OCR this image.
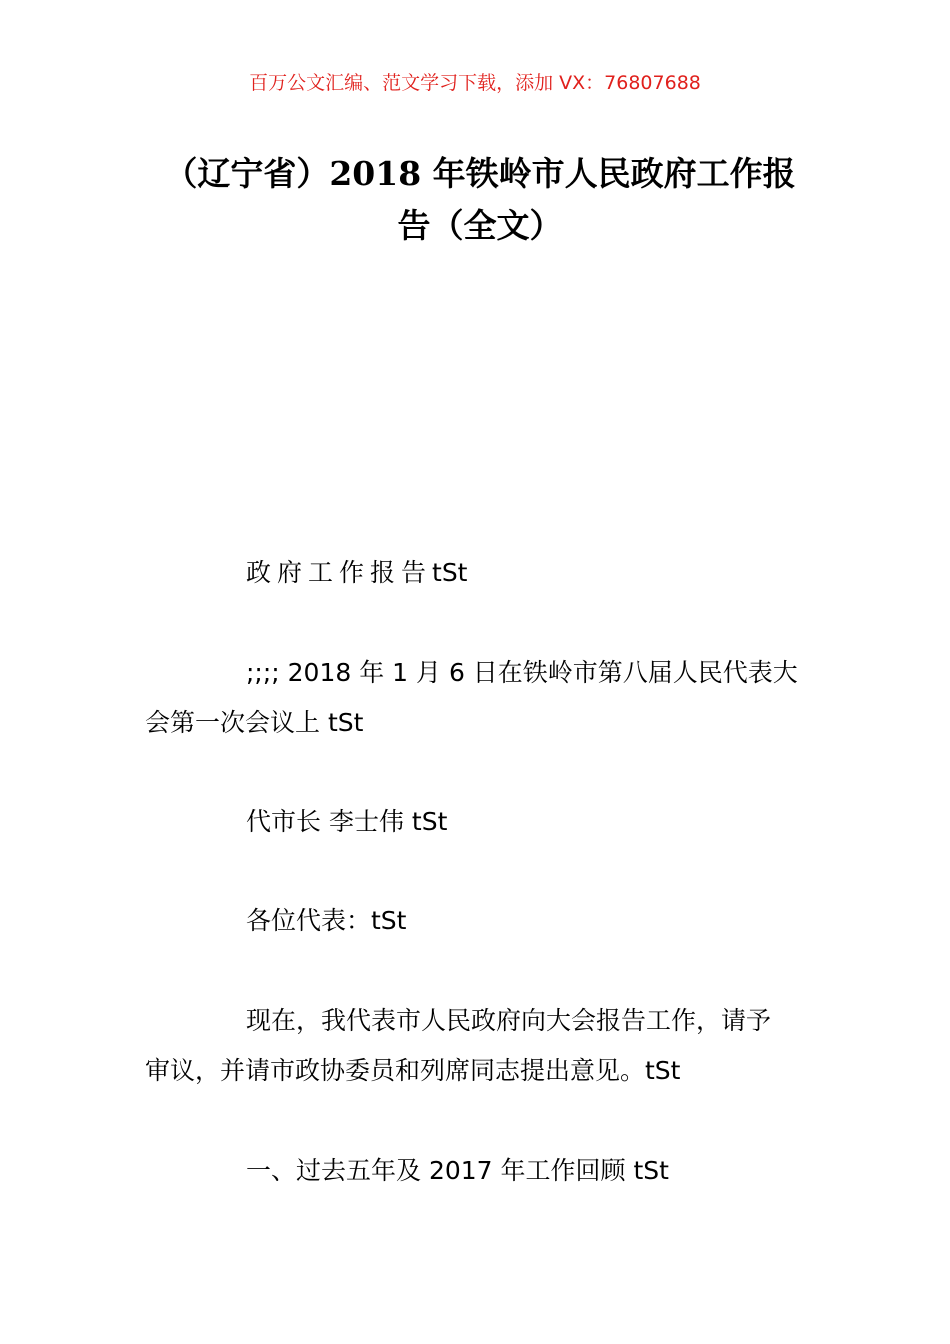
百万公文汇编、范文学习下载，添加 VX：76807688
（辽宁省）2018 年铁岭市人民政府工作报
告（全文）
政府工作报告tSt
;;;; 2018 年 1 月 6 日在铁岭市第八届人民代表大
会第一次会议上 tSt
代市长 李士伟 tSt
各位代表：tSt
现在，我代表市人民政府向大会报告工作，请予
审议，并请市政协委员和列席同志提出意见。tSt
一、过去五年及 2017 年工作回顾 tSt
